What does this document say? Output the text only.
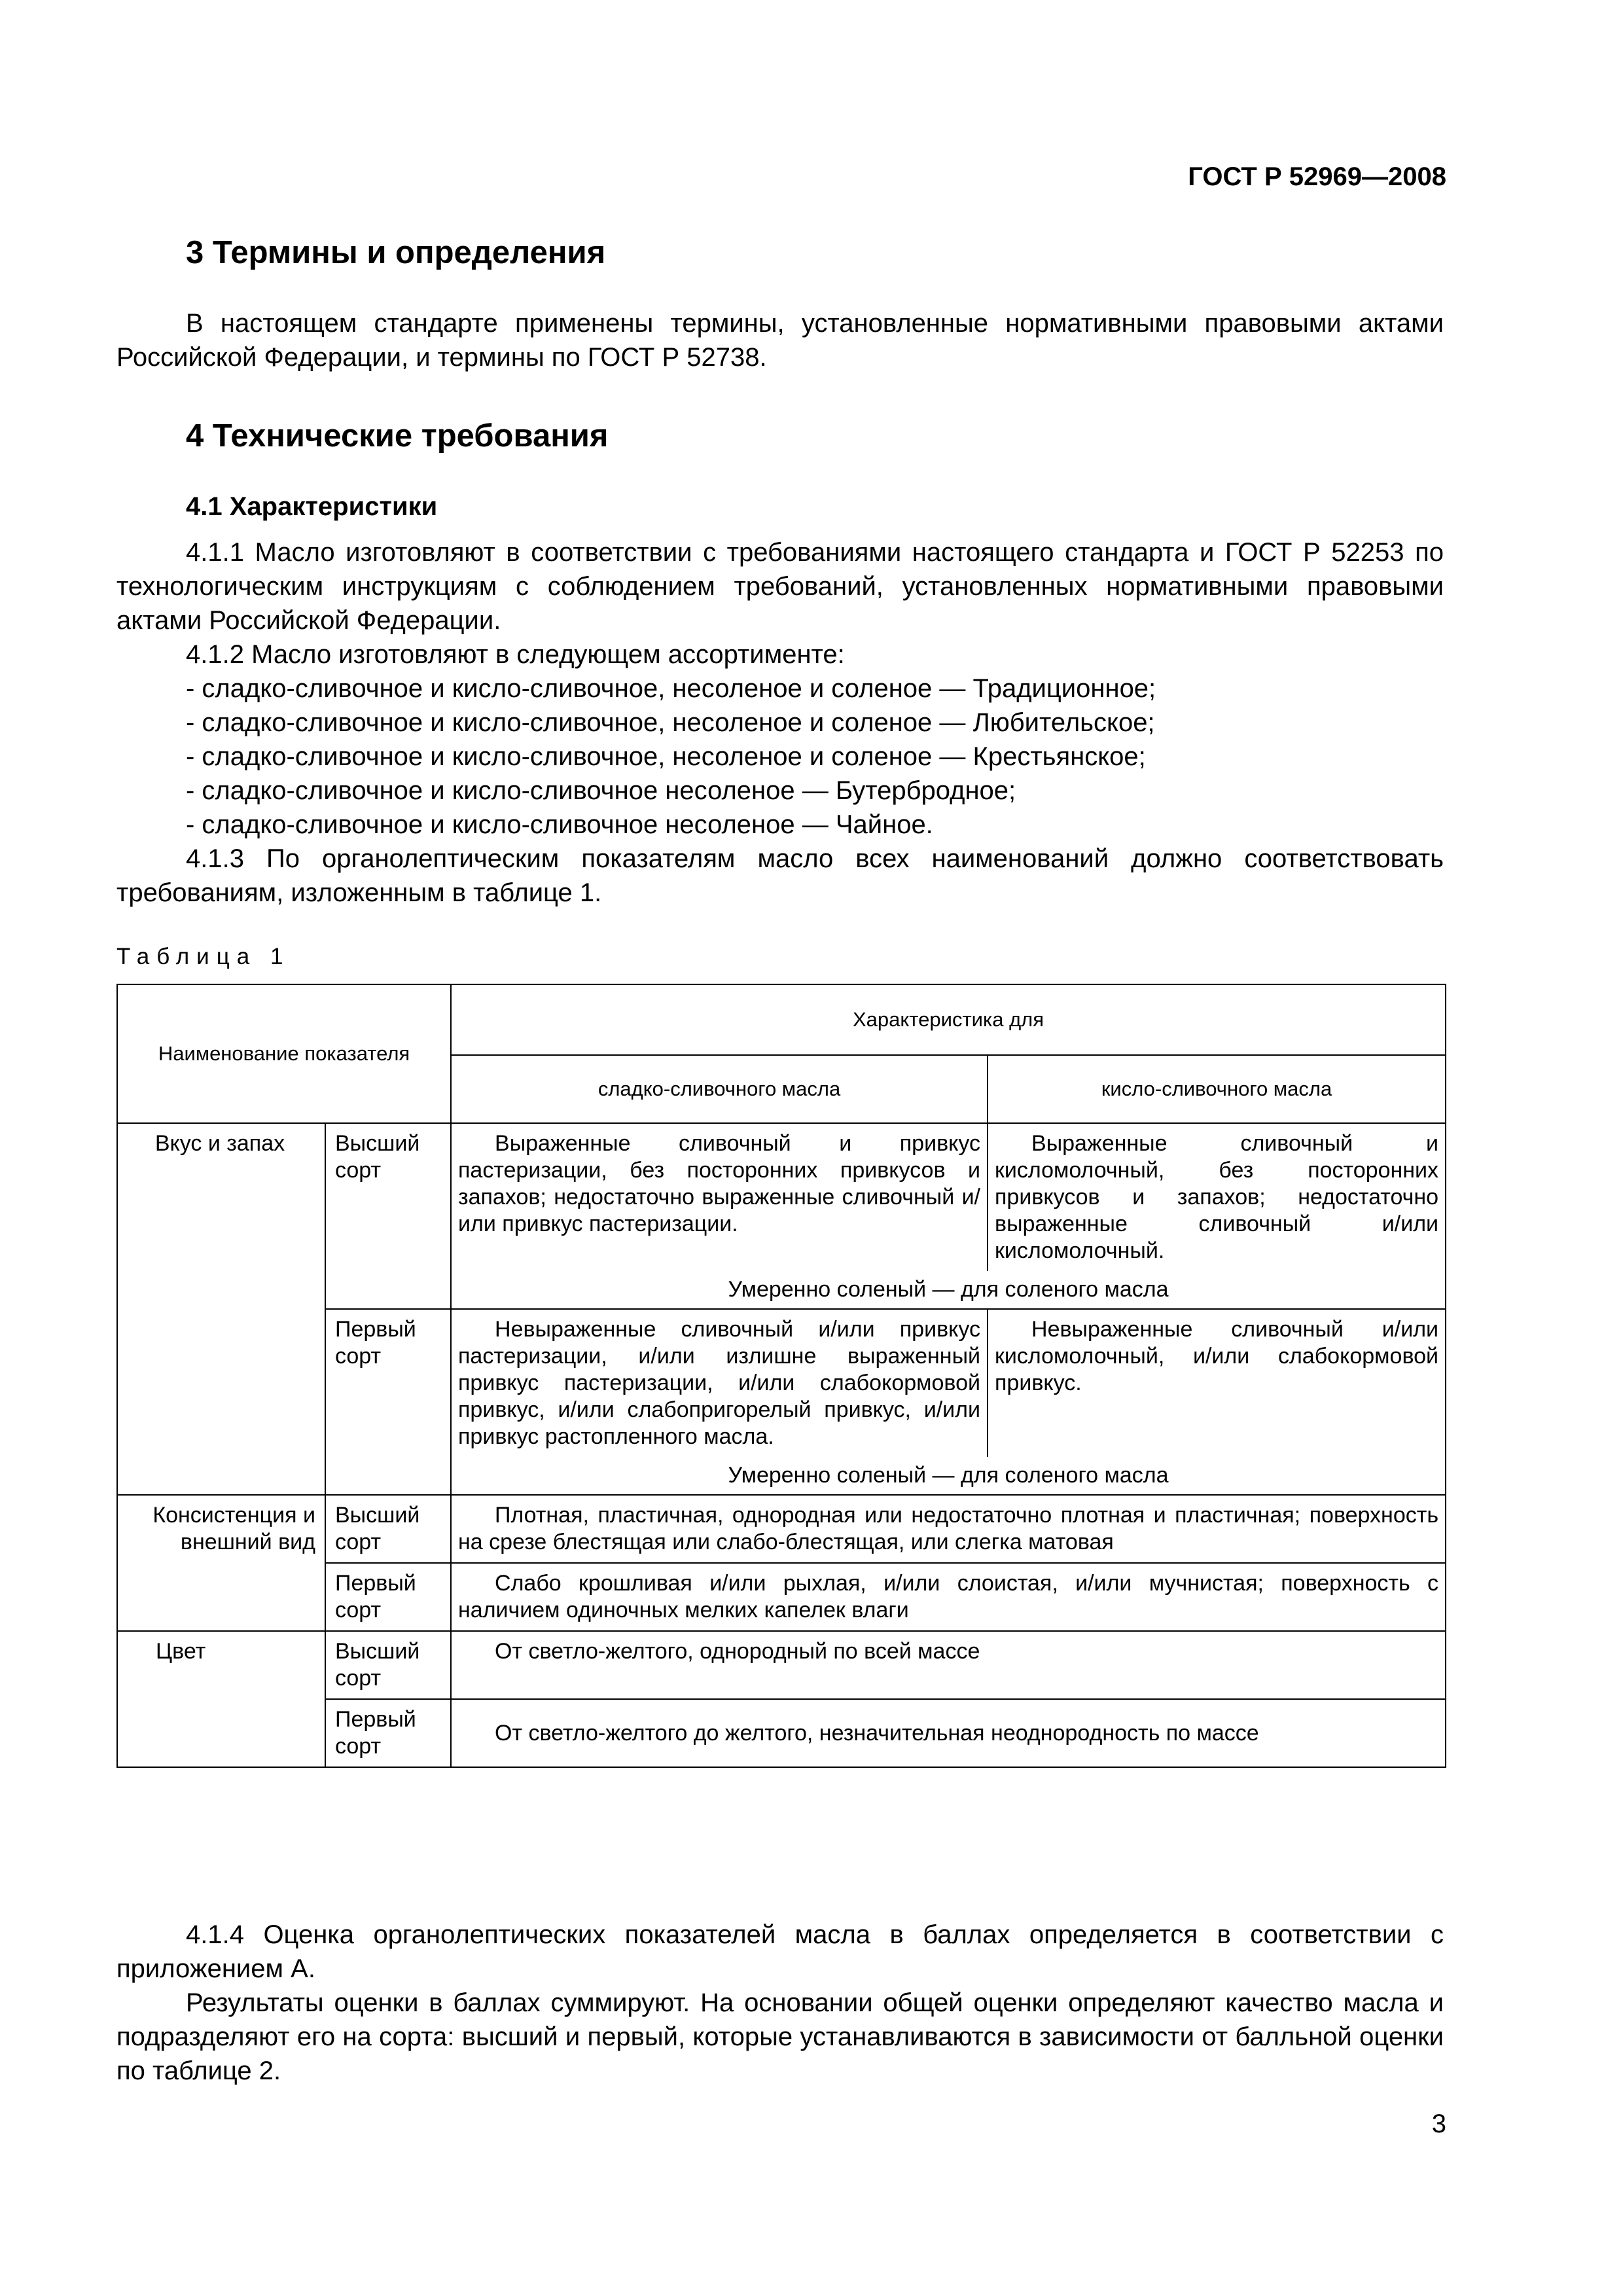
ГОСТ Р 52969—2008

3 Термины и определения

В настоящем стандарте применены термины, установленные нормативными правовыми актами Российской Федерации, и термины по ГОСТ Р 52738.

4 Технические требования
4.1 Характеристики

4.1.1 Масло изготовляют в соответствии с требованиями настоящего стандарта и ГОСТ Р 52253 по технологическим инструкциям с соблюдением требований, установленных нормативными правовыми актами Российской Федерации.

4.1.2 Масло изготовляют в следующем ассортименте:

- сладко-сливочное и кисло-сливочное, несоленое и соленое — Традиционное;

- сладко-сливочное и кисло-сливочное, несоленое и соленое — Любительское;

- сладко-сливочное и кисло-сливочное, несоленое и соленое — Крестьянское;

- сладко-сливочное и кисло-сливочное несоленое — Бутербродное;

- сладко-сливочное и кисло-сливочное несоленое — Чайное.

4.1.3 По органолептическим показателям масло всех наименований должно соответствовать требованиям, изложенным в таблице 1.

Таблица 1

Наименование показателя		Характеристика для	
		сладко-сливочного масла	кисло-сливочного масла
Вкус и запах	Высший сорт	Выраженные сливочный и привкус пастеризации, без посторонних привкусов и запахов; недостаточно выраженные сливочный и/или привкус пастеризации.	Выраженные сливочный и кисломолочный, без посторонних привкусов и запахов; недостаточно выраженные сливочный и/или кисломолочный.
		Умеренно соленый — для соленого масла	
	Первый сорт	Невыраженные сливочный и/или привкус пастеризации, и/или излишне выраженный привкус пастеризации, и/или слабокормовой привкус, и/или слабопригорелый привкус, и/или привкус растопленного масла.	Невыраженные сливочный и/или кисломолочный, и/или слабокормовой привкус.
		Умеренно соленый — для соленого масла	
Консистенция и внешний вид	Высший сорт	Плотная, пластичная, однородная или недостаточно плотная и пластичная; поверхность на срезе блестящая или слабо-блестящая, или слегка матовая	
	Первый сорт	Слабо крошливая и/или рыхлая, и/или слоистая, и/или мучнистая; поверхность с наличием одиночных мелких капелек влаги	
Цвет	Высший сорт	От светло-желтого, однородный по всей массе	
	Первый сорт	От светло-желтого до желтого, незначительная неоднородность по массе	

4.1.4 Оценка органолептических показателей масла в баллах определяется в соответствии с приложением А.

Результаты оценки в баллах суммируют. На основании общей оценки определяют качество масла и подразделяют его на сорта: высший и первый, которые устанавливаются в зависимости от балльной оценки по таблице 2.

3
